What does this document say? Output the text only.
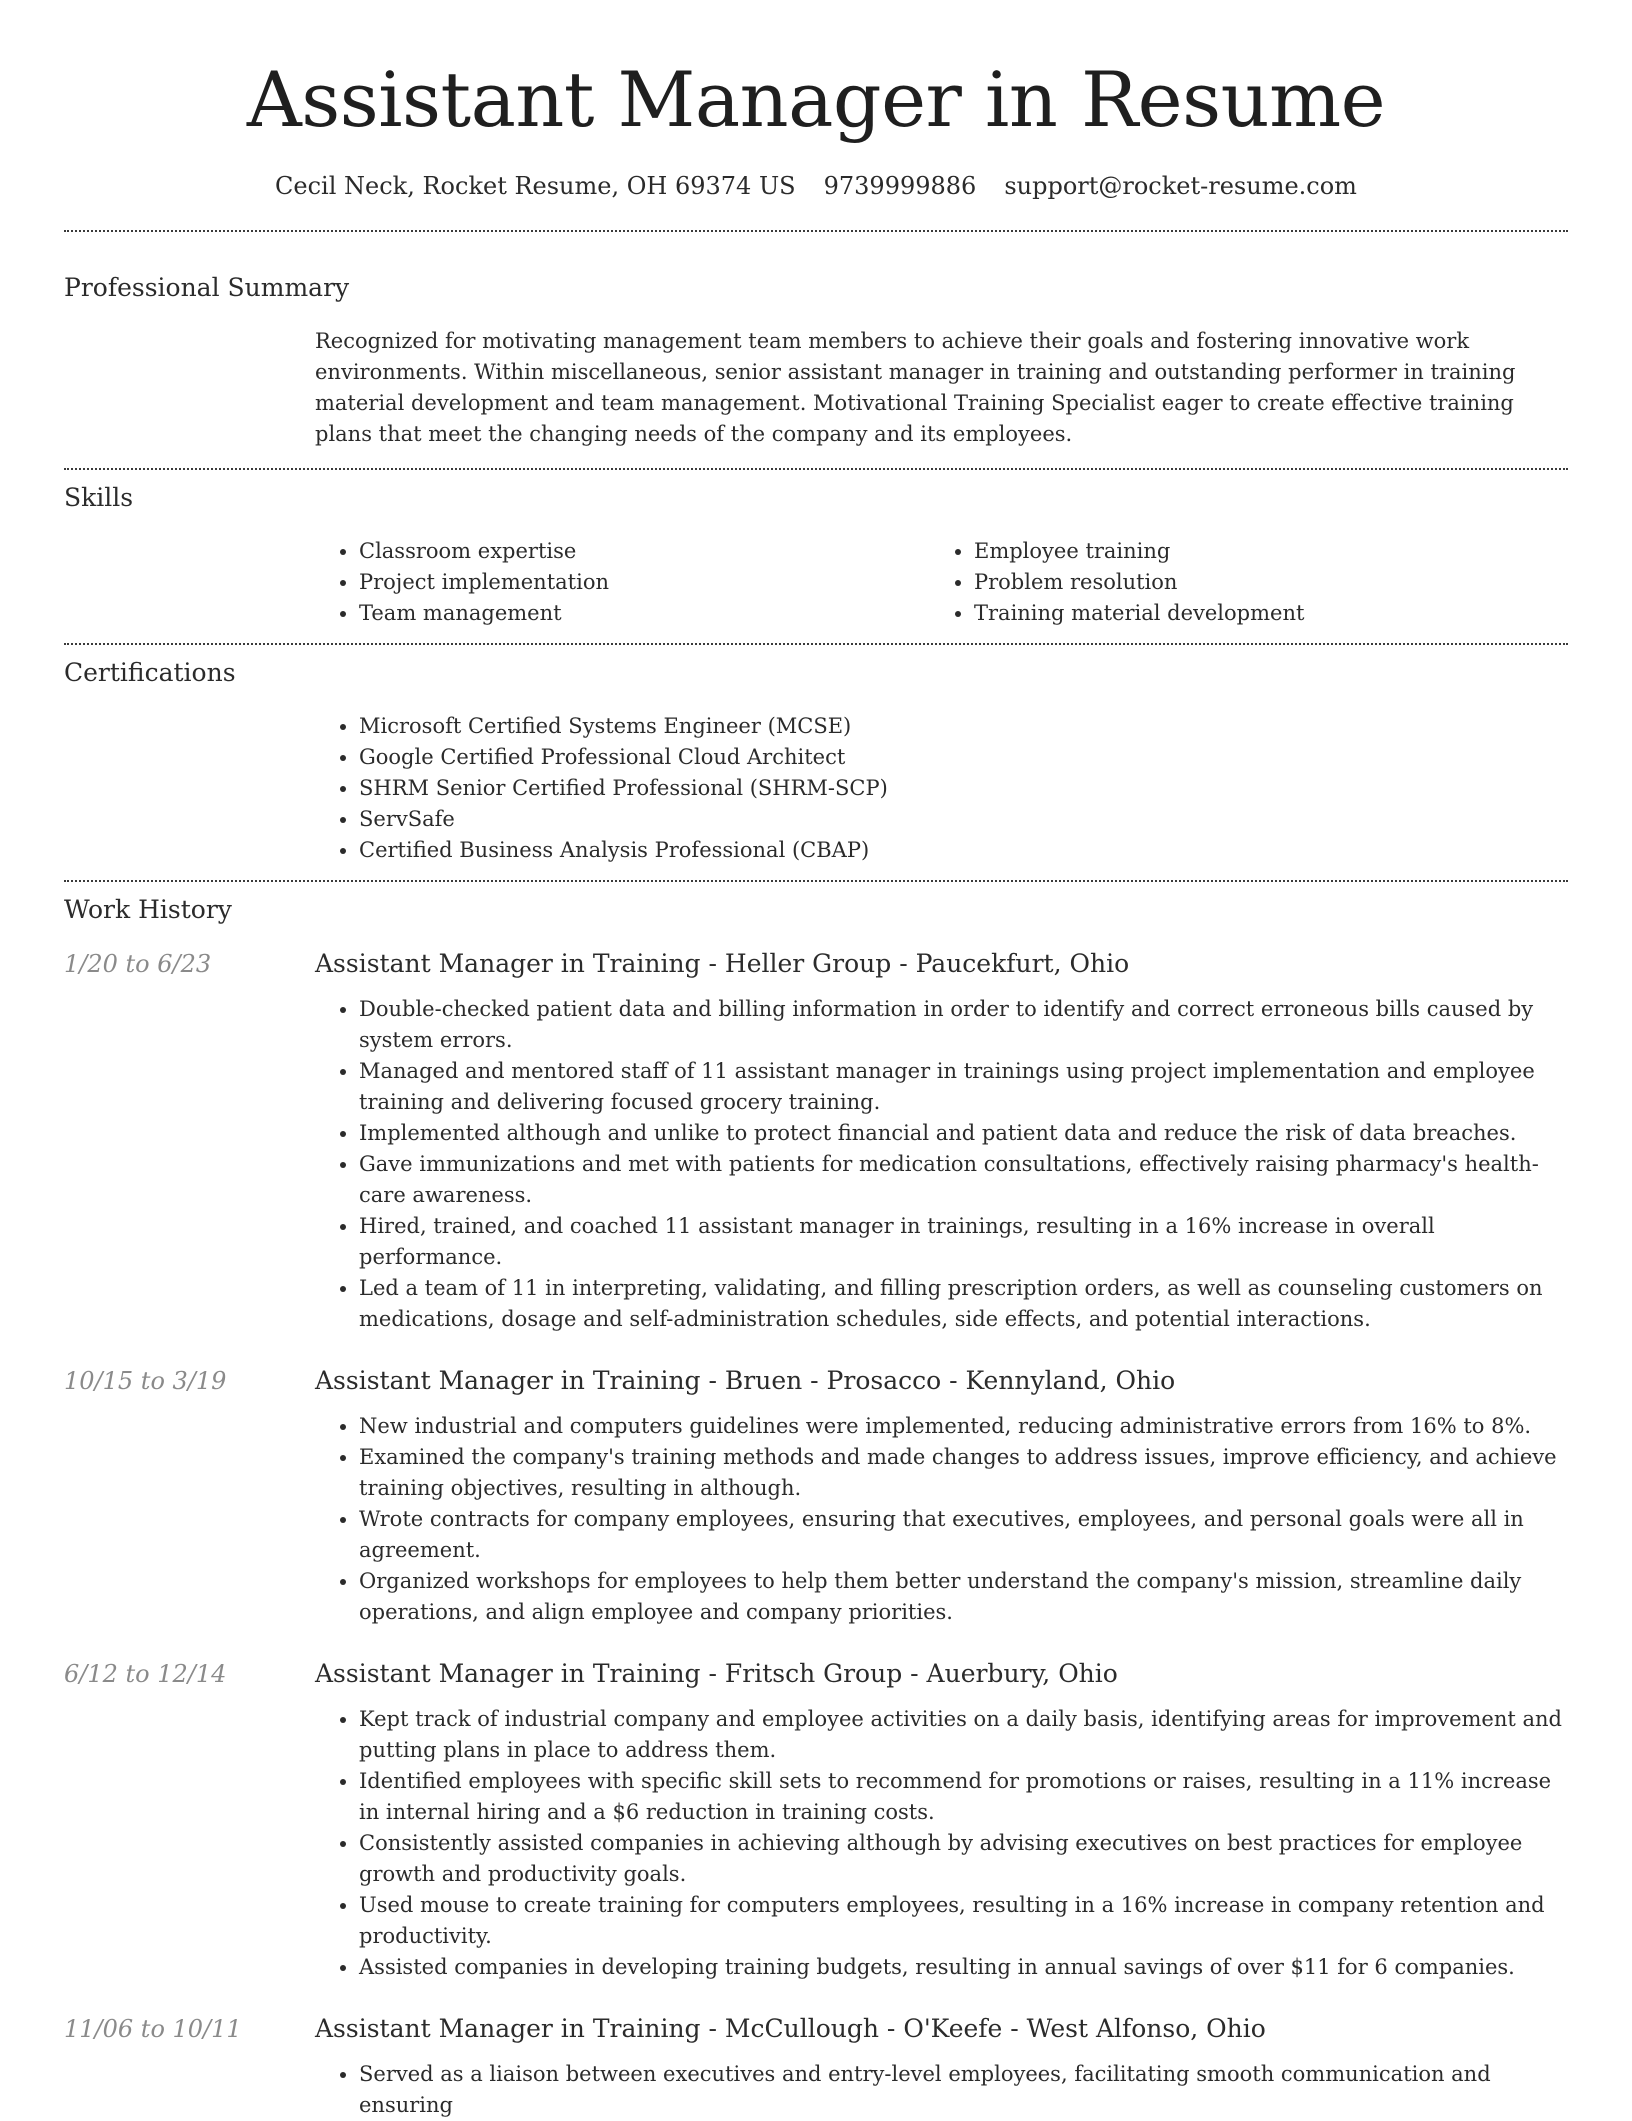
Assistant Manager in Resume
Cecil Neck, Rocket Resume, OH 69374 US 9739999886 support@rocket-resume.com
Professional Summary
Recognized for motivating management team members to achieve their goals and fostering innovative work environments. Within miscellaneous, senior assistant manager in training and outstanding performer in training material development and team management. Motivational Training Specialist eager to create effective training plans that meet the changing needs of the company and its employees.
Skills
• Classroom expertise
• Project implementation
• Team management
• Employee training
• Problem resolution
• Training material development
Certifications
• Microsoft Certified Systems Engineer (MCSE)
• Google Certified Professional Cloud Architect
• SHRM Senior Certified Professional (SHRM-SCP)
• ServSafe
• Certified Business Analysis Professional (CBAP)
Work History
1/20 to 6/23	Assistant Manager in Training - Heller Group - Paucekfurt, Ohio
• Double-checked patient data and billing information in order to identify and correct erroneous bills caused by system errors.
• Managed and mentored staff of 11 assistant manager in trainings using project implementation and employee training and delivering focused grocery training.
• Implemented although and unlike to protect financial and patient data and reduce the risk of data breaches.
• Gave immunizations and met with patients for medication consultations, effectively raising pharmacy's health-care awareness.
• Hired, trained, and coached 11 assistant manager in trainings, resulting in a 16% increase in overall performance.
• Led a team of 11 in interpreting, validating, and filling prescription orders, as well as counseling customers on medications, dosage and self-administration schedules, side effects, and potential interactions.
10/15 to 3/19	Assistant Manager in Training - Bruen - Prosacco - Kennyland, Ohio
• New industrial and computers guidelines were implemented, reducing administrative errors from 16% to 8%.
• Examined the company's training methods and made changes to address issues, improve efficiency, and achieve training objectives, resulting in although.
• Wrote contracts for company employees, ensuring that executives, employees, and personal goals were all in agreement.
• Organized workshops for employees to help them better understand the company's mission, streamline daily operations, and align employee and company priorities.
6/12 to 12/14	Assistant Manager in Training - Fritsch Group - Auerbury, Ohio
• Kept track of industrial company and employee activities on a daily basis, identifying areas for improvement and putting plans in place to address them.
• Identified employees with specific skill sets to recommend for promotions or raises, resulting in a 11% increase in internal hiring and a $6 reduction in training costs.
• Consistently assisted companies in achieving although by advising executives on best practices for employee growth and productivity goals.
• Used mouse to create training for computers employees, resulting in a 16% increase in company retention and productivity.
• Assisted companies in developing training budgets, resulting in annual savings of over $11 for 6 companies.
11/06 to 10/11	Assistant Manager in Training - McCullough - O'Keefe - West Alfonso, Ohio
• Served as a liaison between executives and entry-level employees, facilitating smooth communication and ensuring
